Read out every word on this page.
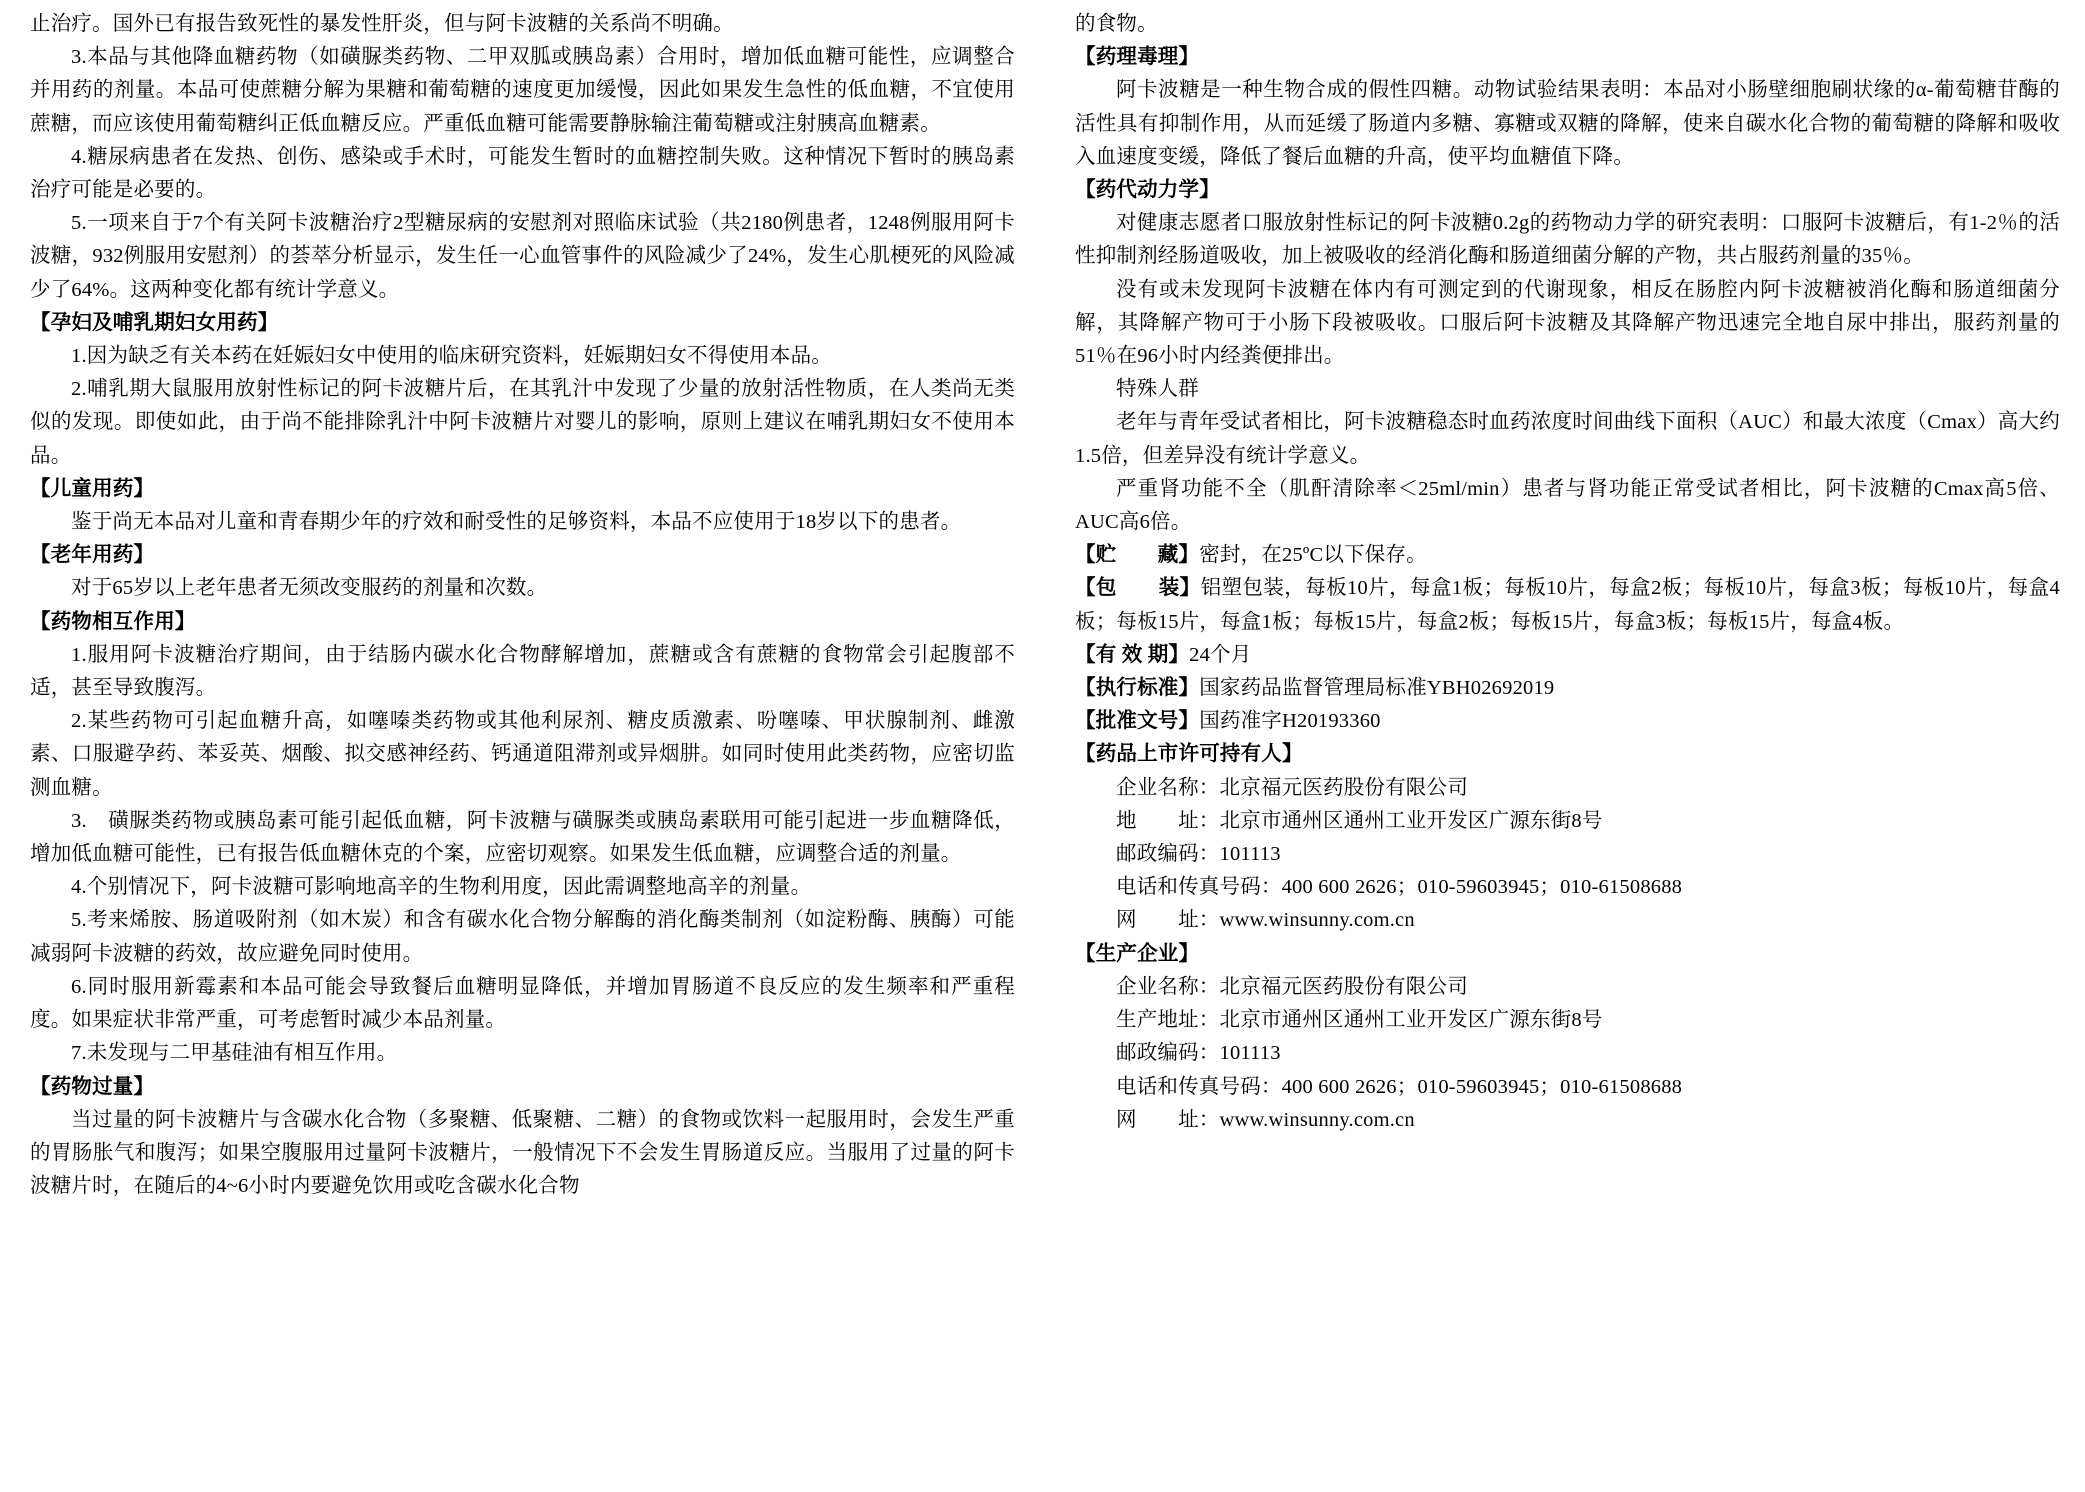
止治疗。国外已有报告致死性的暴发性肝炎，但与阿卡波糖的关系尚不明确。

3.本品与其他降血糖药物（如磺脲类药物、二甲双胍或胰岛素）合用时，增加低血糖可能性，应调整合并用药的剂量。本品可使蔗糖分解为果糖和葡萄糖的速度更加缓慢，因此如果发生急性的低血糖，不宜使用蔗糖，而应该使用葡萄糖纠正低血糖反应。严重低血糖可能需要静脉输注葡萄糖或注射胰高血糖素。

4.糖尿病患者在发热、创伤、感染或手术时，可能发生暂时的血糖控制失败。这种情况下暂时的胰岛素治疗可能是必要的。

5.一项来自于7个有关阿卡波糖治疗2型糖尿病的安慰剂对照临床试验（共2180例患者，1248例服用阿卡波糖，932例服用安慰剂）的荟萃分析显示，发生任一心血管事件的风险减少了24%，发生心肌梗死的风险减少了64%。这两种变化都有统计学意义。

【孕妇及哺乳期妇女用药】

1.因为缺乏有关本药在妊娠妇女中使用的临床研究资料，妊娠期妇女不得使用本品。

2.哺乳期大鼠服用放射性标记的阿卡波糖片后，在其乳汁中发现了少量的放射活性物质，在人类尚无类似的发现。即使如此，由于尚不能排除乳汁中阿卡波糖片对婴儿的影响，原则上建议在哺乳期妇女不使用本品。

【儿童用药】

鉴于尚无本品对儿童和青春期少年的疗效和耐受性的足够资料，本品不应使用于18岁以下的患者。

【老年用药】

对于65岁以上老年患者无须改变服药的剂量和次数。

【药物相互作用】

1.服用阿卡波糖治疗期间，由于结肠内碳水化合物酵解增加，蔗糖或含有蔗糖的食物常会引起腹部不适，甚至导致腹泻。

2.某些药物可引起血糖升高，如噻嗪类药物或其他利尿剂、糖皮质激素、吩噻嗪、甲状腺制剂、雌激素、口服避孕药、苯妥英、烟酸、拟交感神经药、钙通道阻滞剂或异烟肼。如同时使用此类药物，应密切监测血糖。

3.　磺脲类药物或胰岛素可能引起低血糖，阿卡波糖与磺脲类或胰岛素联用可能引起进一步血糖降低，增加低血糖可能性，已有报告低血糖休克的个案，应密切观察。如果发生低血糖，应调整合适的剂量。

4.个别情况下，阿卡波糖可影响地高辛的生物利用度，因此需调整地高辛的剂量。

5.考来烯胺、肠道吸附剂（如木炭）和含有碳水化合物分解酶的消化酶类制剂（如淀粉酶、胰酶）可能减弱阿卡波糖的药效，故应避免同时使用。

6.同时服用新霉素和本品可能会导致餐后血糖明显降低，并增加胃肠道不良反应的发生频率和严重程度。如果症状非常严重，可考虑暂时减少本品剂量。

7.未发现与二甲基硅油有相互作用。

【药物过量】

当过量的阿卡波糖片与含碳水化合物（多聚糖、低聚糖、二糖）的食物或饮料一起服用时，会发生严重的胃肠胀气和腹泻；如果空腹服用过量阿卡波糖片，一般情况下不会发生胃肠道反应。当服用了过量的阿卡波糖片时，在随后的4~6小时内要避免饮用或吃含碳水化合物

的食物。

【药理毒理】

阿卡波糖是一种生物合成的假性四糖。动物试验结果表明：本品对小肠壁细胞刷状缘的α-葡萄糖苷酶的活性具有抑制作用，从而延缓了肠道内多糖、寡糖或双糖的降解，使来自碳水化合物的葡萄糖的降解和吸收入血速度变缓，降低了餐后血糖的升高，使平均血糖值下降。

【药代动力学】

对健康志愿者口服放射性标记的阿卡波糖0.2g的药物动力学的研究表明：口服阿卡波糖后，有1-2％的活性抑制剂经肠道吸收，加上被吸收的经消化酶和肠道细菌分解的产物，共占服药剂量的35％。

没有或未发现阿卡波糖在体内有可测定到的代谢现象，相反在肠腔内阿卡波糖被消化酶和肠道细菌分解，其降解产物可于小肠下段被吸收。口服后阿卡波糖及其降解产物迅速完全地自尿中排出，服药剂量的51％在96小时内经粪便排出。

特殊人群

老年与青年受试者相比，阿卡波糖稳态时血药浓度时间曲线下面积（AUC）和最大浓度（Cmax）高大约1.5倍，但差异没有统计学意义。

严重肾功能不全（肌酐清除率＜25ml/min）患者与肾功能正常受试者相比，阿卡波糖的Cmax高5倍、AUC高6倍。

【贮　　藏】密封，在25ºC以下保存。

【包　　装】铝塑包装，每板10片，每盒1板；每板10片，每盒2板；每板10片，每盒3板；每板10片，每盒4板；每板15片，每盒1板；每板15片，每盒2板；每板15片，每盒3板；每板15片，每盒4板。

【有 效 期】24个月

【执行标准】国家药品监督管理局标准YBH02692019

【批准文号】国药准字H20193360

【药品上市许可持有人】

企业名称：北京福元医药股份有限公司

地　　址：北京市通州区通州工业开发区广源东街8号

邮政编码：101113

电话和传真号码：400 600 2626；010-59603945；010-61508688

网　　址：www.winsunny.com.cn

【生产企业】

企业名称：北京福元医药股份有限公司

生产地址：北京市通州区通州工业开发区广源东街8号

邮政编码：101113

电话和传真号码：400 600 2626；010-59603945；010-61508688

网　　址：www.winsunny.com.cn
